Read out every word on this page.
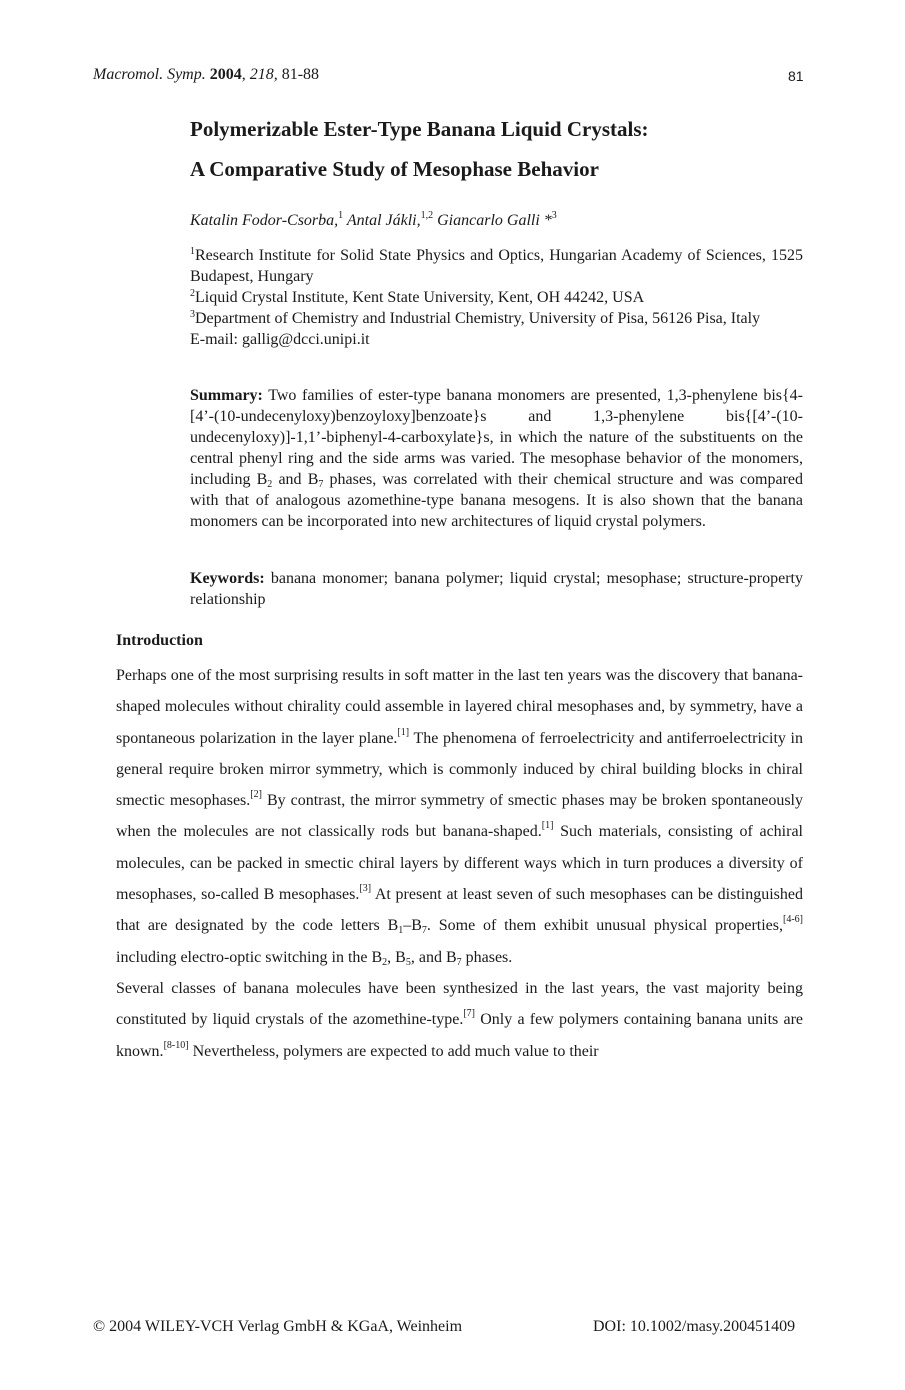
Macromol. Symp. 2004, 218, 81-88	81
Polymerizable Ester-Type Banana Liquid Crystals:
A Comparative Study of Mesophase Behavior
Katalin Fodor-Csorba,$^1$ Antal Jákli,$^{1,2}$ Giancarlo Galli *$^3$
$^1$Research Institute for Solid State Physics and Optics, Hungarian Academy of Sciences, 1525 Budapest, Hungary
$^2$Liquid Crystal Institute, Kent State University, Kent, OH 44242, USA
$^3$Department of Chemistry and Industrial Chemistry, University of Pisa, 56126 Pisa, Italy
E-mail: gallig@dcci.unipi.it
Summary: Two families of ester-type banana monomers are presented, 1,3-phenylene bis{4-[4’-(10-undecenyloxy)benzoyloxy]benzoate}s and 1,3-phenylene bis{[4’-(10-undecenyloxy)]-1,1’-biphenyl-4-carboxylate}s, in which the nature of the substituents on the central phenyl ring and the side arms was varied. The mesophase behavior of the monomers, including $B_2$ and $B_7$ phases, was correlated with their chemical structure and was compared with that of analogous azomethine-type banana mesogens. It is also shown that the banana monomers can be incorporated into new architectures of liquid crystal polymers.
Keywords: banana monomer; banana polymer; liquid crystal; mesophase; structure-property relationship
Introduction

Perhaps one of the most surprising results in soft matter in the last ten years was the discovery that banana-shaped molecules without chirality could assemble in layered chiral mesophases and, by symmetry, have a spontaneous polarization in the layer plane.[1] The phenomena of ferroelectricity and antiferroelectricity in general require broken mirror symmetry, which is commonly induced by chiral building blocks in chiral smectic mesophases.[2] By contrast, the mirror symmetry of smectic phases may be broken spontaneously when the molecules are not classically rods but banana-shaped.[1] Such materials, consisting of achiral molecules, can be packed in smectic chiral layers by different ways which in turn produces a diversity of mesophases, so-called B mesophases.[3] At present at least seven of such mesophases can be distinguished that are designated by the code letters $B_1-B_7$. Some of them exhibit unusual physical properties,[4-6] including electro-optic switching in the $B_2$, $B_5$, and $B_7$ phases.

Several classes of banana molecules have been synthesized in the last years, the vast majority being constituted by liquid crystals of the azomethine-type.[7] Only a few polymers containing banana units are known.[8-10] Nevertheless, polymers are expected to add much value to their

© 2004 WILEY-VCH Verlag GmbH & KGaA, Weinheim	DOI: 10.1002/masy.200451409
